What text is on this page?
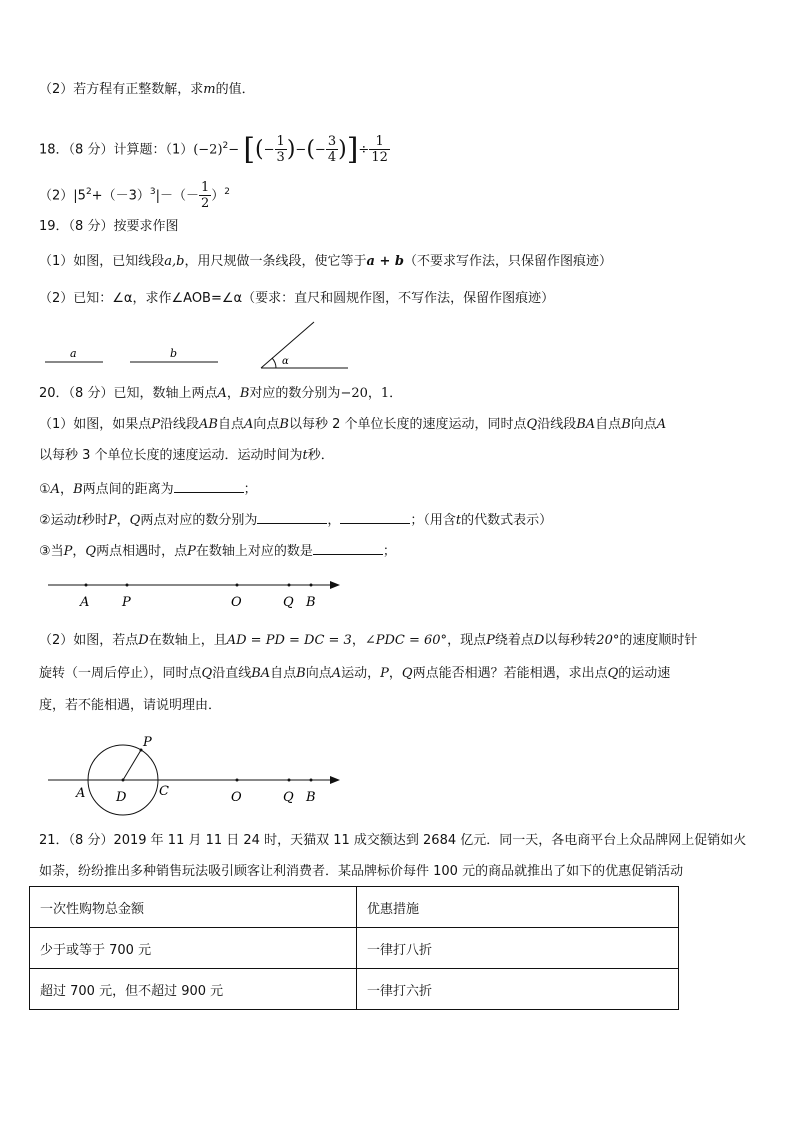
（2）若方程有正整数解，求m的值．
18．（8 分）计算题：$(1)(-2)^2-$ [(− $\frac{1}{3}$ )−(− $\frac{3}{4}$ )]÷ $\frac{1}{12}$
$(2)|5^2+(-3)^3|-(- \frac{1}{2} )^2$
19．（8 分）按要求作图
（1）如图，已知线段a,b，用尺规做一条线段，使它等于a + b（不要求写作法，只保留作图痕迹）
（2）已知：∠α，求作∠AOB=∠α（要求：直尺和圆规作图，不写作法，保留作图痕迹）
20．（8 分）已知，数轴上两点A，B对应的数分别为−20，1．
（1）如图，如果点P沿线段AB自点A向点B以每秒 2 个单位长度的速度运动，同时点Q沿线段BA自点B向点A
以每秒 3 个单位长度的速度运动．运动时间为t秒．
①A，B两点间的距离为	；
②运动t秒时P，Q两点对应的数分别为	，	；（用含t的代数式表示）
③当P，Q两点相遇时，点P在数轴上对应的数是	；
（2）如图，若点D在数轴上，且AD = PD = DC = 3，∠PDC = 60°，现点P绕着点D以每秒转20°的速度顺时针
旋转（一周后停止），同时点Q沿直线BA自点B向点A运动，P，Q两点能否相遇？若能相遇，求出点Q的运动速
度，若不能相遇，请说明理由．
21．（8 分）2019 年 11 月 11 日 24 时，天猫双 11 成交额达到 2684 亿元．同一天，各电商平台上众品牌网上促销如火
如荼，纷纷推出多种销售玩法吸引顾客让利消费者．某品牌标价每件 100 元的商品就推出了如下的优惠促销活动
一次性购物总金额	优惠措施
少于或等于 700 元	一律打八折
超过 700 元，但不超过 900 元	一律打六折
a	b
α
A	P	O	Q B
P
A D	C	O	Q B
